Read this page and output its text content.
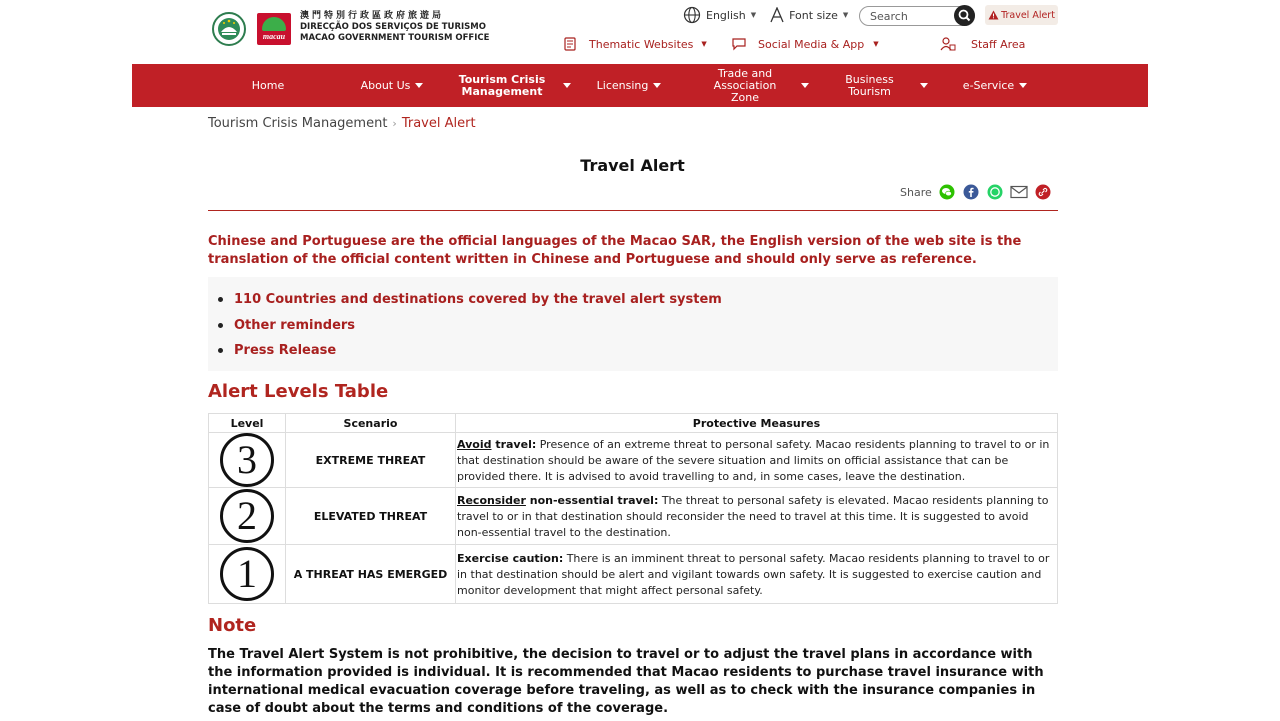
macau
澳門特別行政區政府旅遊局
DIRECÇÃO DOS SERVIÇOS DE TURISMO
MACAO GOVERNMENT TOURISM OFFICE
English ▼	Font size ▼	Search	Travel Alert
Thematic Websites ▼	Social Media & App ▼	Staff Area
Home	About Us	Tourism Crisis Management	Licensing
Trade and Association Zone
Business Tourism	e-Service
Tourism Crisis Management › Travel Alert
Travel Alert
Share
Chinese and Portuguese are the official languages of the Macao SAR, the English version of the web site is the translation of the official content written in Chinese and Portuguese and should only serve as reference.
110 Countries and destinations covered by the travel alert system
Other reminders
Press Release
Alert Levels Table
Level	Scenario	Protective Measures
3	EXTREME THREAT	Avoid travel: Presence of an extreme threat to personal safety. Macao residents planning to travel to or in that destination should be aware of the severe situation and limits on official assistance that can be provided there. It is advised to avoid travelling to and, in some cases, leave the destination.
2	ELEVATED THREAT	Reconsider non-essential travel: The threat to personal safety is elevated. Macao residents planning to travel to or in that destination should reconsider the need to travel at this time. It is suggested to avoid non-essential travel to the destination.
1	A THREAT HAS EMERGED	Exercise caution: There is an imminent threat to personal safety. Macao residents planning to travel to or in that destination should be alert and vigilant towards own safety. It is suggested to exercise caution and monitor development that might affect personal safety.
Note
The Travel Alert System is not prohibitive, the decision to travel or to adjust the travel plans in accordance with the information provided is individual. It is recommended that Macao residents to purchase travel insurance with international medical evacuation coverage before traveling, as well as to check with the insurance companies in case of doubt about the terms and conditions of the coverage.
